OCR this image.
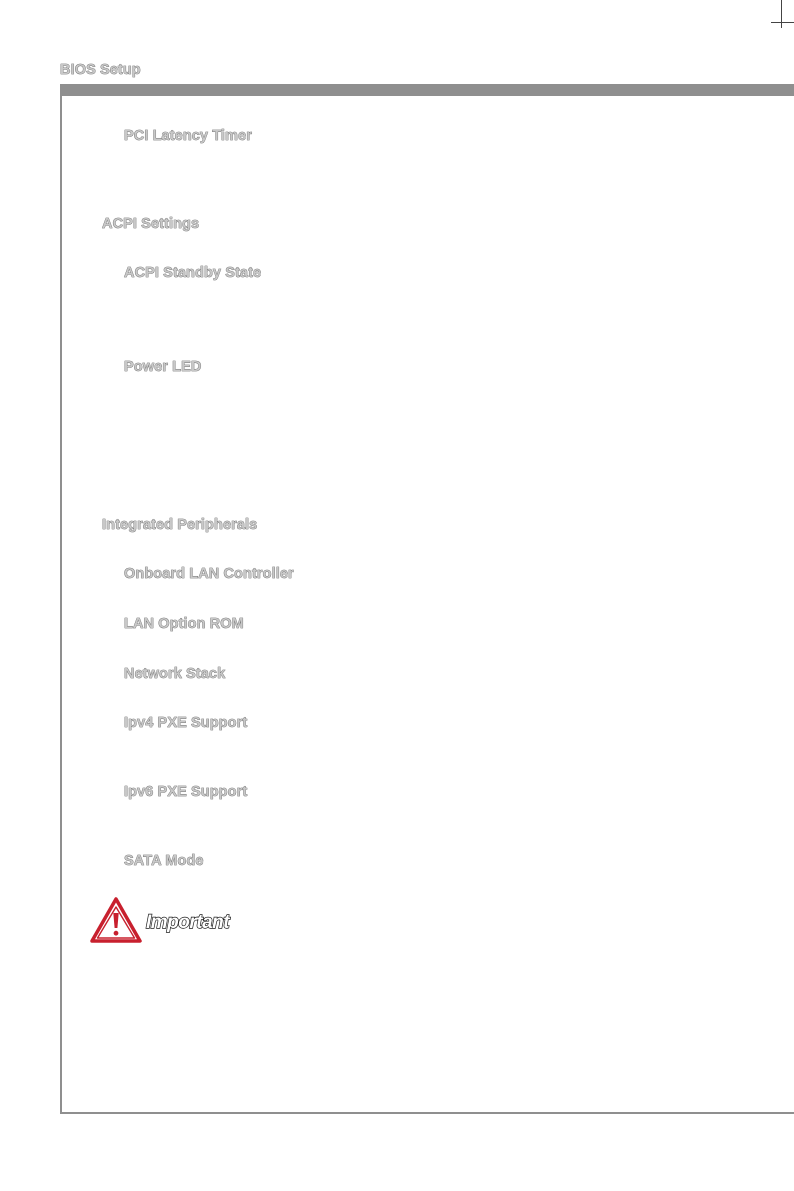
BIOS Setup
PCI Latency Timer
ACPI Settings
ACPI Standby State
Power LED
Integrated Peripherals
Onboard LAN Controller
LAN Option ROM
Network Stack
Ipv4 PXE Support
Ipv6 PXE Support
SATA Mode
Important
